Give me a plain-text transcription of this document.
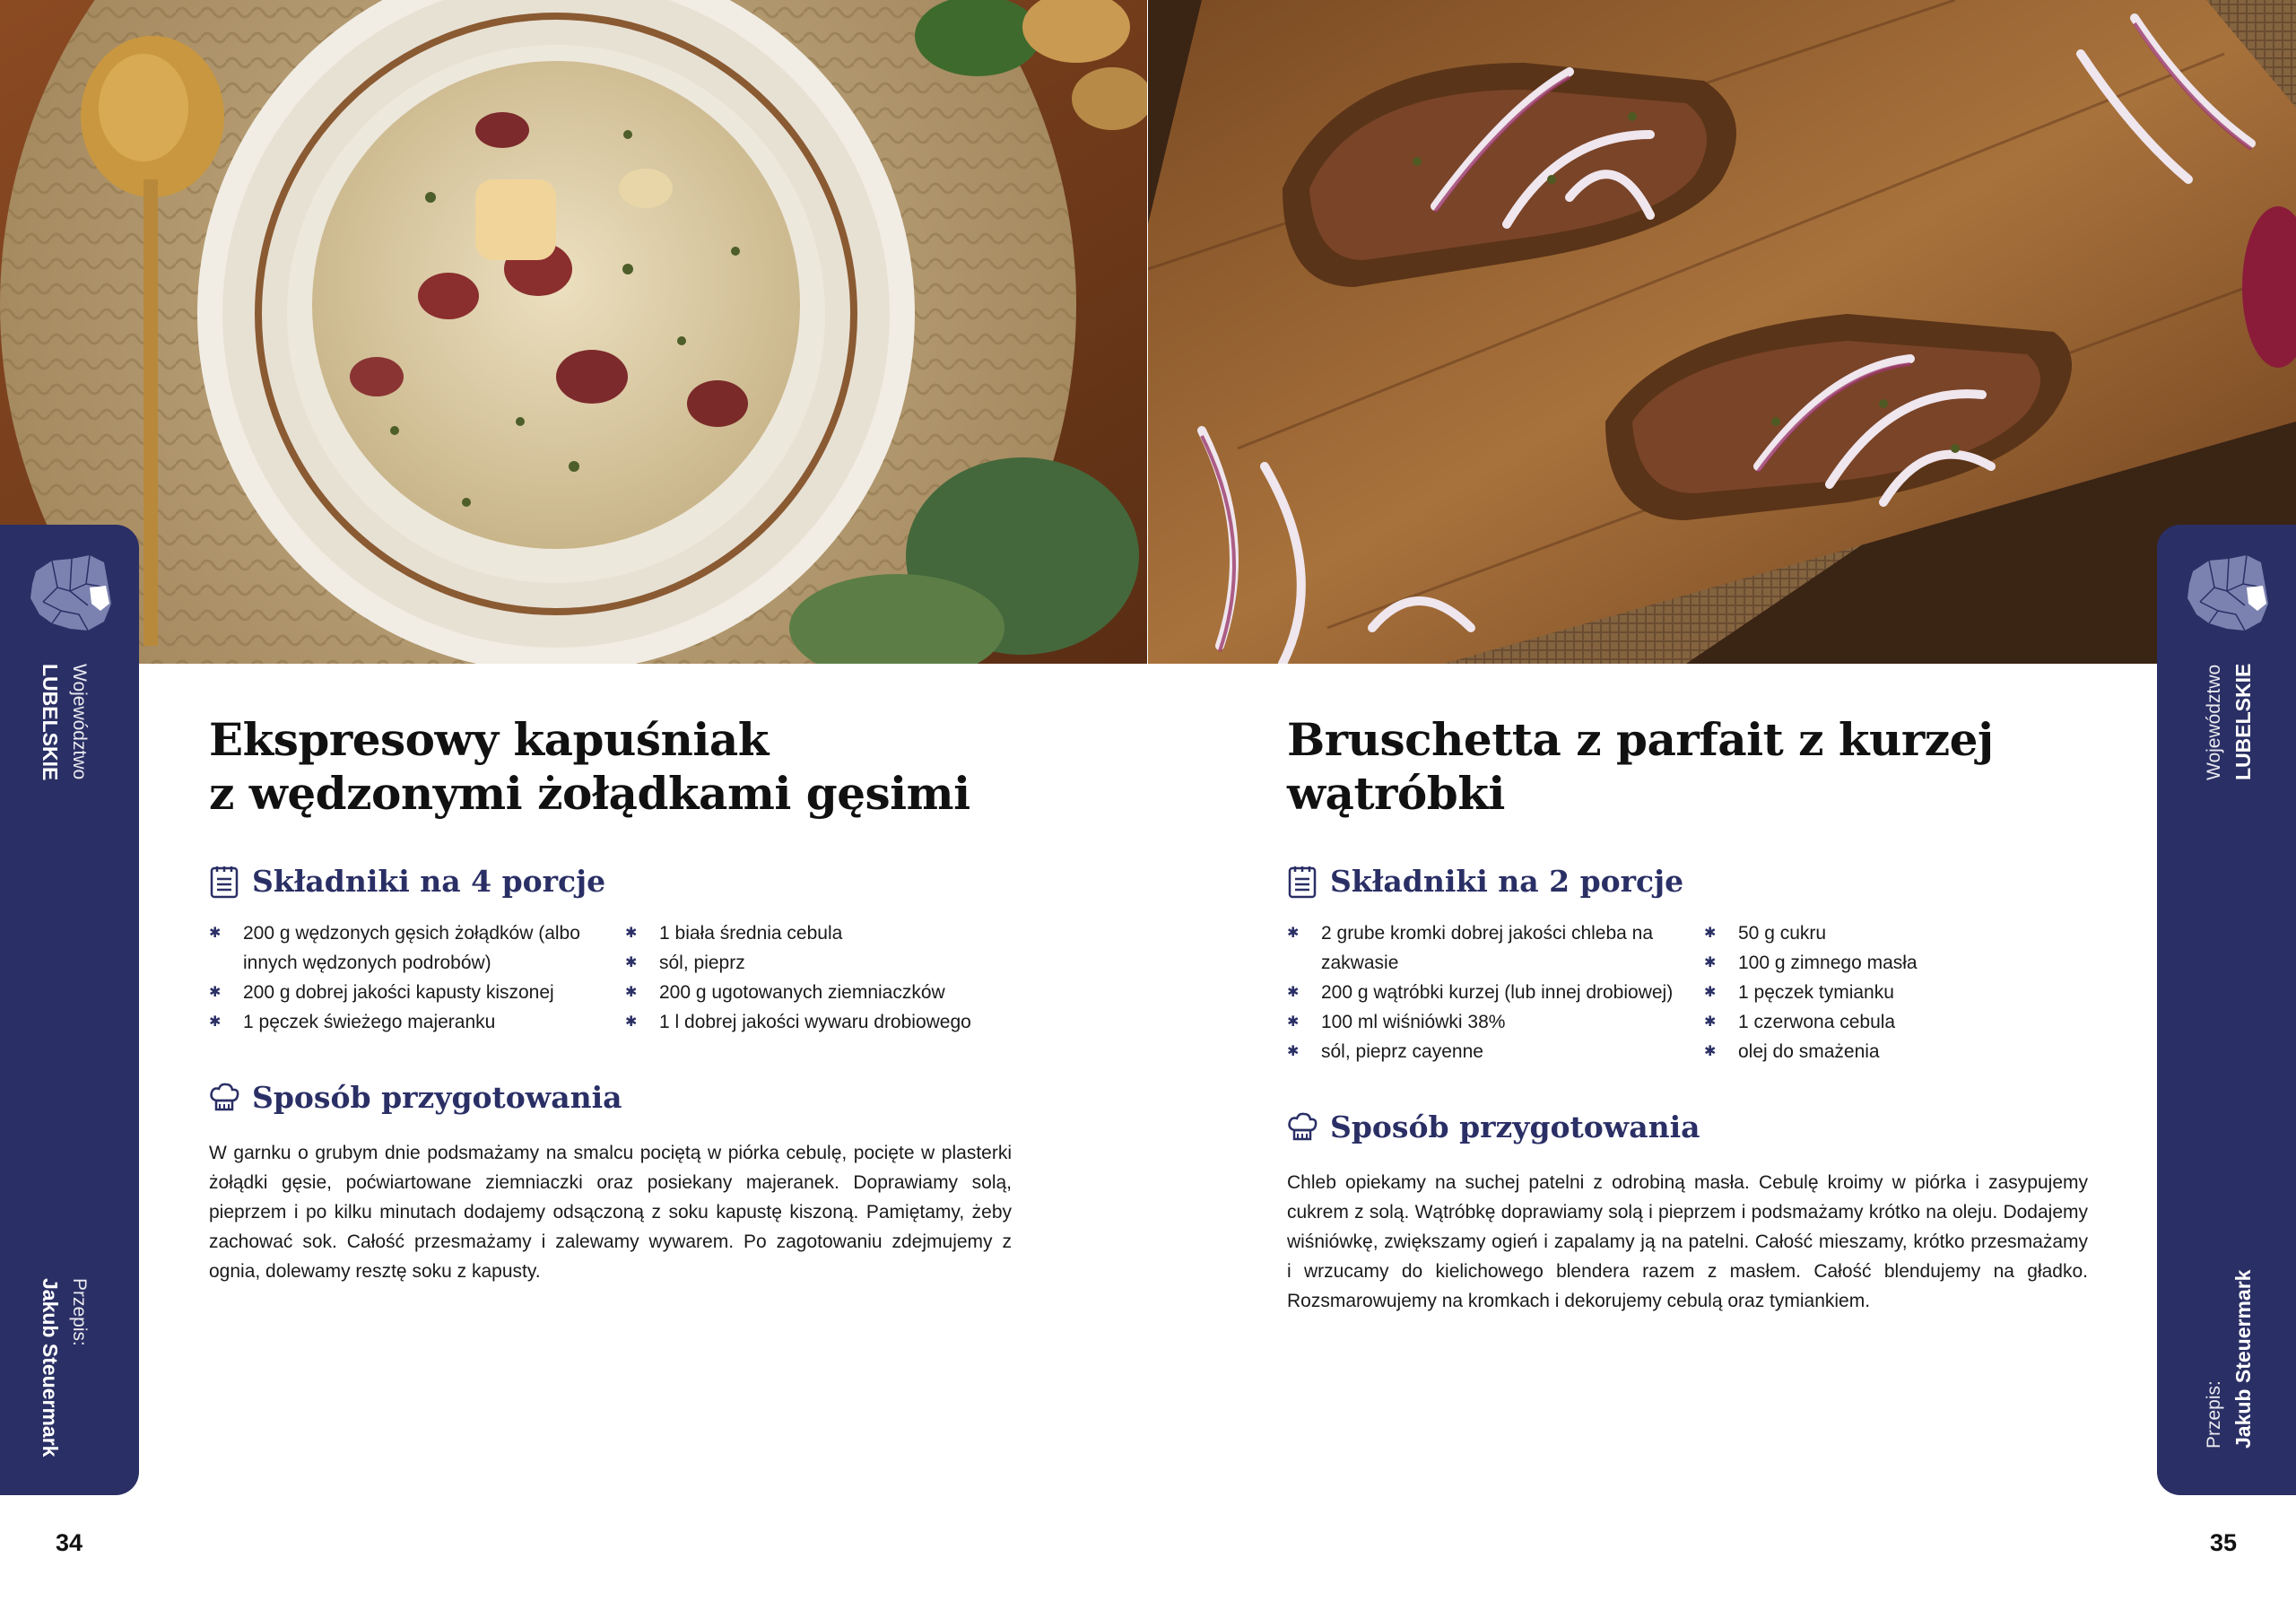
Województwo
LUBELSKIE	Województwo LUBELSKIE
Przepis: Jakub Steuermark
Przepis:
Jakub Steuermark
34	35
Ekspresowy kapuśniak
z wędzonymi żołądkami gęsimi
Składniki na 4 porcje
✱ 200 g wędzonych gęsich żołądków (albo innych wędzonych podrobów)
✱ 200 g dobrej jakości kapusty kiszonej
✱ 1 pęczek świeżego majeranku
✱ 1 biała średnia cebula
✱ sól, pieprz
✱ 200 g ugotowanych ziemniaczków
✱ 1 l dobrej jakości wywaru drobiowego
Sposób przygotowania
W garnku o grubym dnie podsmażamy na smalcu pociętą w piórka cebulę, pocięte w plasterki żołądki gęsie, poćwiartowane ziemniaczki oraz posiekany majeranek. Doprawiamy solą, pieprzem i po kilku minutach dodajemy odsączoną z soku kapustę kiszoną. Pamiętamy, żeby zachować sok. Całość przesmażamy i zalewamy wywarem. Po zagotowaniu zdejmujemy z ognia, dolewamy resztę soku z kapusty.
Bruschetta z parfait z kurzej
wątróbki
Składniki na 2 porcje
✱ 2 grube kromki dobrej jakości chleba na zakwasie
✱ 200 g wątróbki kurzej (lub innej drobiowej)
✱ 100 ml wiśniówki 38%
✱ sól, pieprz cayenne
✱ 50 g cukru
✱ 100 g zimnego masła
✱ 1 pęczek tymianku
✱ 1 czerwona cebula
✱ olej do smażenia
Sposób przygotowania
Chleb opiekamy na suchej patelni z odrobiną masła. Cebulę kroimy w piórka i zasypujemy cukrem z solą. Wątróbkę doprawiamy solą i pieprzem i podsmażamy krótko na oleju. Dodajemy wiśniówkę, zwiększamy ogień i zapalamy ją na patelni. Całość mieszamy, krótko przesmażamy i wrzucamy do kielichowego blendera razem z masłem. Całość blendujemy na gładko. Rozsmarowujemy na kromkach i dekorujemy cebulą oraz tymiankiem.
